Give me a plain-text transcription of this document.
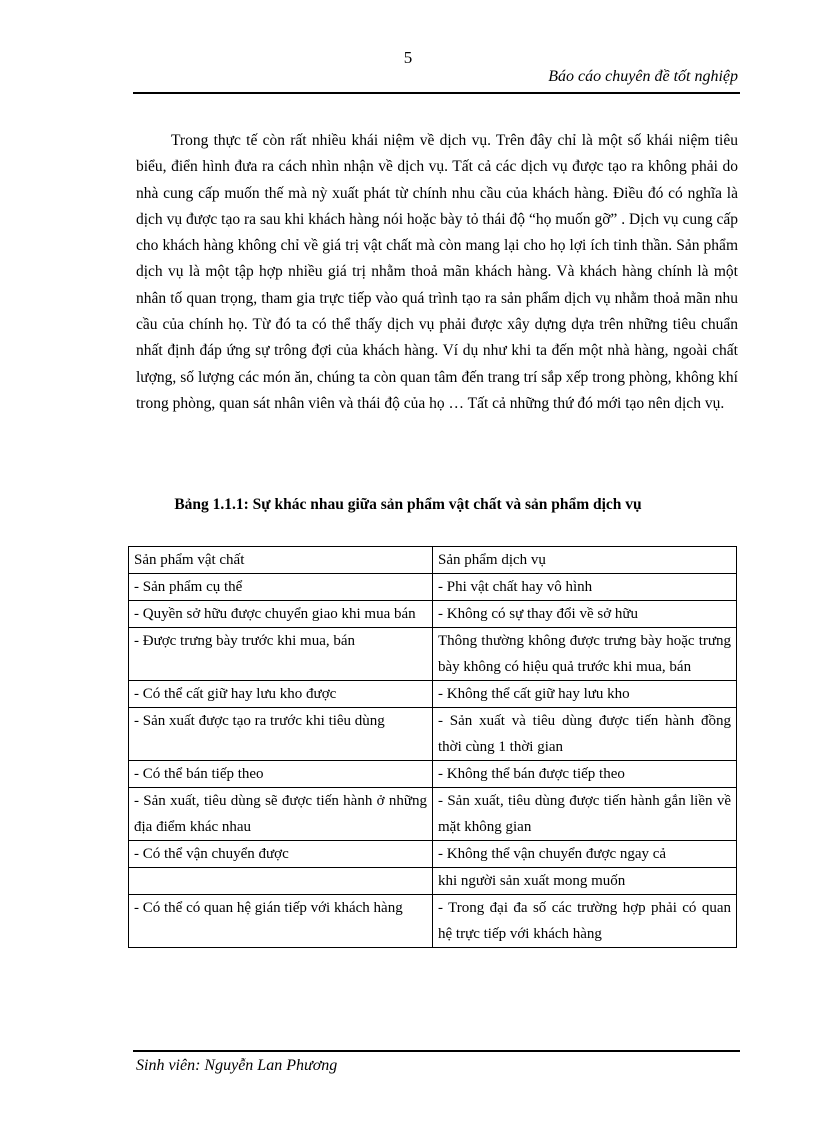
5
Báo cáo chuyên đề tốt nghiệp

Trong thực tế còn rất nhiều khái niệm về dịch vụ. Trên đây chỉ là một số khái niệm tiêu biểu, điển hình đưa ra cách nhìn nhận về dịch vụ. Tất cả các dịch vụ được tạo ra không phải do nhà cung cấp muốn thế mà nỳ xuất phát từ chính nhu cầu của khách hàng. Điều đó có nghĩa là dịch vụ được tạo ra sau khi khách hàng nói hoặc bày tỏ thái độ “họ muốn gỡ” . Dịch vụ cung cấp cho khách hàng không chỉ về giá trị vật chất mà còn mang lại cho họ lợi ích tinh thần. Sản phẩm dịch vụ là một tập hợp nhiều giá trị nhằm thoả mãn khách hàng. Và khách hàng chính là một nhân tố quan trọng, tham gia trực tiếp vào quá trình tạo ra sản phẩm dịch vụ nhằm thoả mãn nhu cầu của chính họ. Từ đó ta có thể thấy dịch vụ phải được xây dựng dựa trên những tiêu chuẩn nhất định đáp ứng sự trông đợi của khách hàng. Ví dụ như khi ta đến một nhà hàng, ngoài chất lượng, số lượng các món ăn, chúng ta còn quan tâm đến trang trí sắp xếp trong phòng, không khí trong phòng, quan sát nhân viên và thái độ của họ … Tất cả những thứ đó mới tạo nên dịch vụ.

Bảng 1.1.1: Sự khác nhau giữa sản phẩm vật chất và sản phẩm dịch vụ
Sản phẩm vật chất	Sản phẩm dịch vụ
- Sản phẩm cụ thể	- Phi vật chất hay vô hình
- Quyền sở hữu được chuyển giao khi mua bán	- Không có sự thay đổi về sở hữu
- Được trưng bày trước khi mua, bán	Thông thường không được trưng bày hoặc trưng bày không có hiệu quả trước khi mua, bán
- Có thể cất giữ hay lưu kho được	- Không thể cất giữ hay lưu kho
- Sản xuất được tạo ra trước khi tiêu dùng	- Sản xuất và tiêu dùng được tiến hành đồng thời cùng 1 thời gian
- Có thể bán tiếp theo	- Không thể bán được tiếp theo
- Sản xuất, tiêu dùng sẽ được tiến hành ở những địa điểm khác nhau	- Sản xuất, tiêu dùng được tiến hành gắn liền về mặt không gian
- Có thể vận chuyển được	- Không thể vận chuyển được ngay cả
	khi người sản xuất mong muốn
- Có thể có quan hệ gián tiếp với khách hàng	- Trong đại đa số các trường hợp phải có quan hệ trực tiếp với khách hàng
Sinh viên: Nguyễn Lan Phương
